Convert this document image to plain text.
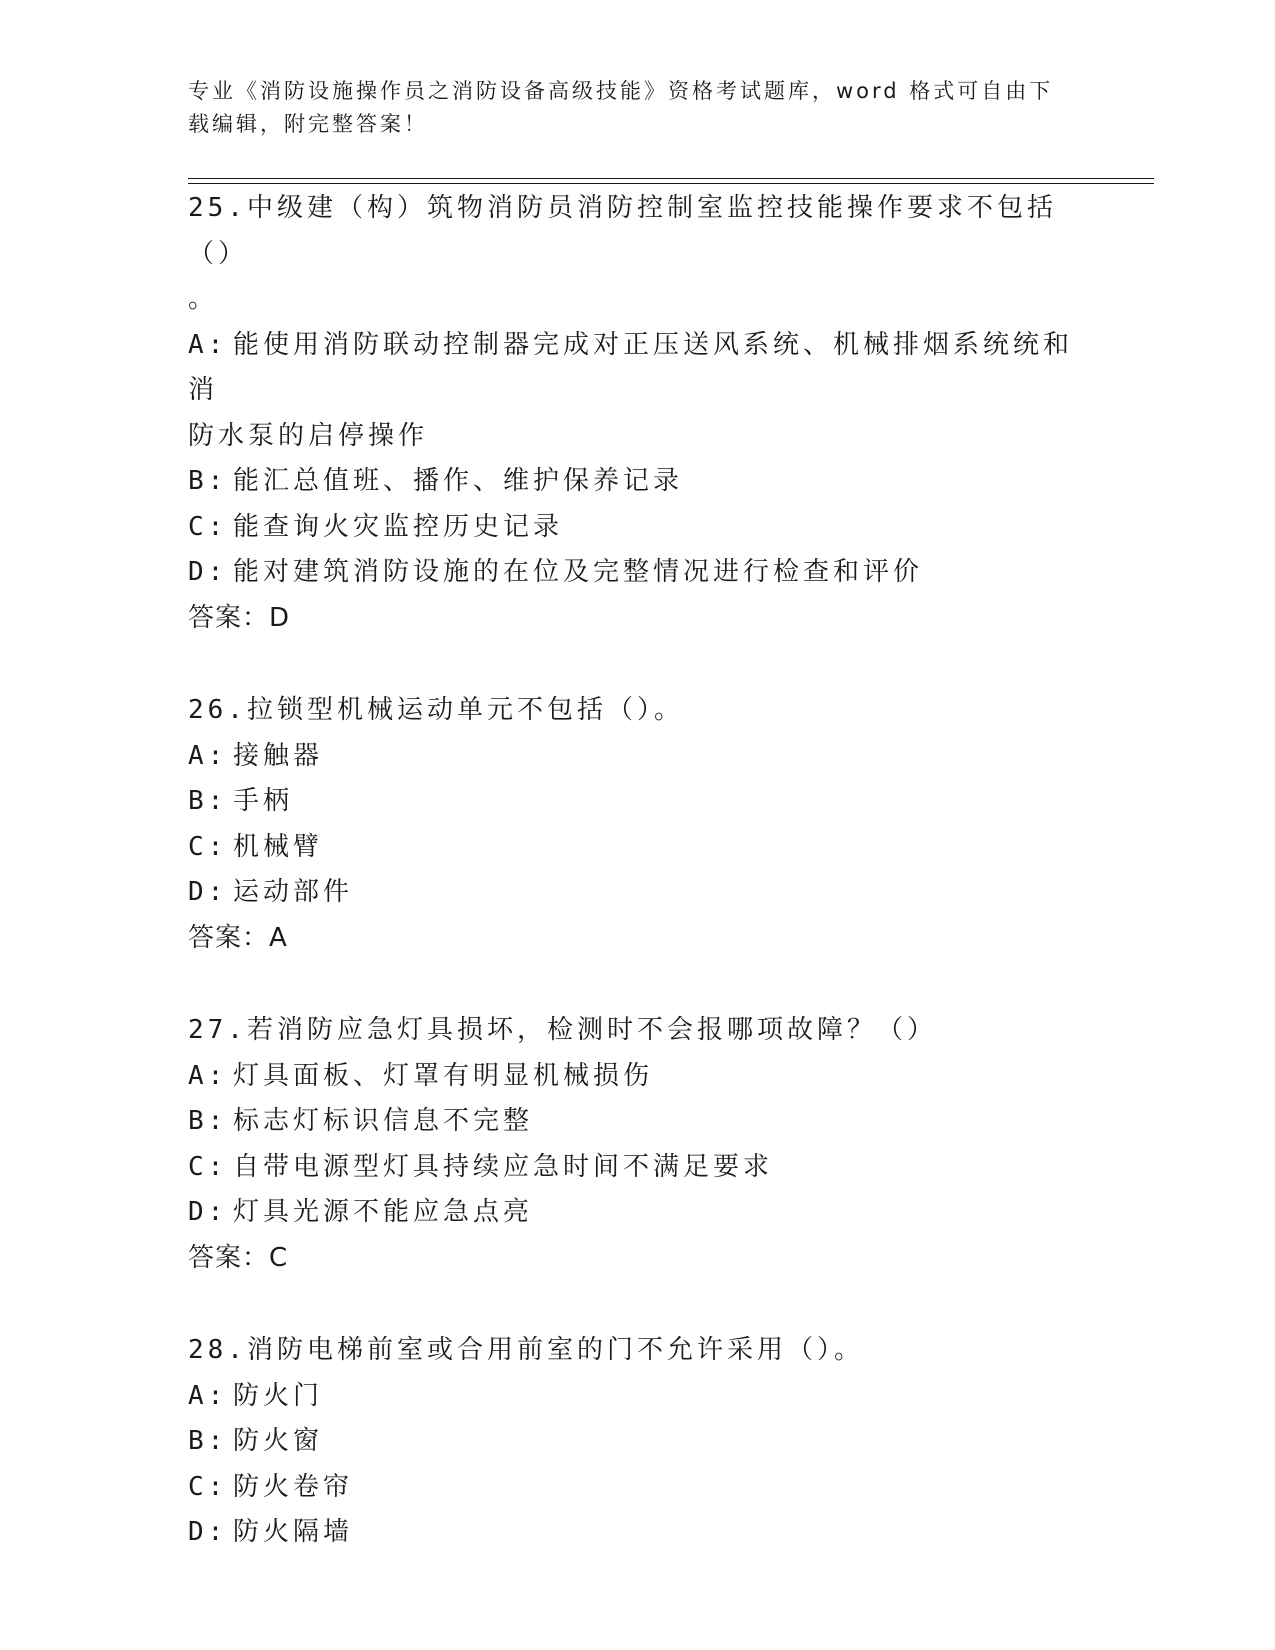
专业《消防设施操作员之消防设备高级技能》资格考试题库，word 格式可自由下
载编辑，附完整答案！
25.中级建（构）筑物消防员消防控制室监控技能操作要求不包括（）
。
A: 能使用消防联动控制器完成对正压送风系统、机械排烟系统统和消
防水泵的启停操作
B: 能汇总值班、播作、维护保养记录
C: 能查询火灾监控历史记录
D: 能对建筑消防设施的在位及完整情况进行检查和评价
答案：D
26.拉锁型机械运动单元不包括（）。
A: 接触器
B: 手柄
C: 机械臂
D: 运动部件
答案：A
27.若消防应急灯具损坏，检测时不会报哪项故障？（）
A: 灯具面板、灯罩有明显机械损伤
B: 标志灯标识信息不完整
C: 自带电源型灯具持续应急时间不满足要求
D: 灯具光源不能应急点亮
答案：C
28.消防电梯前室或合用前室的门不允许采用（）。
A: 防火门
B: 防火窗
C: 防火卷帘
D: 防火隔墙
